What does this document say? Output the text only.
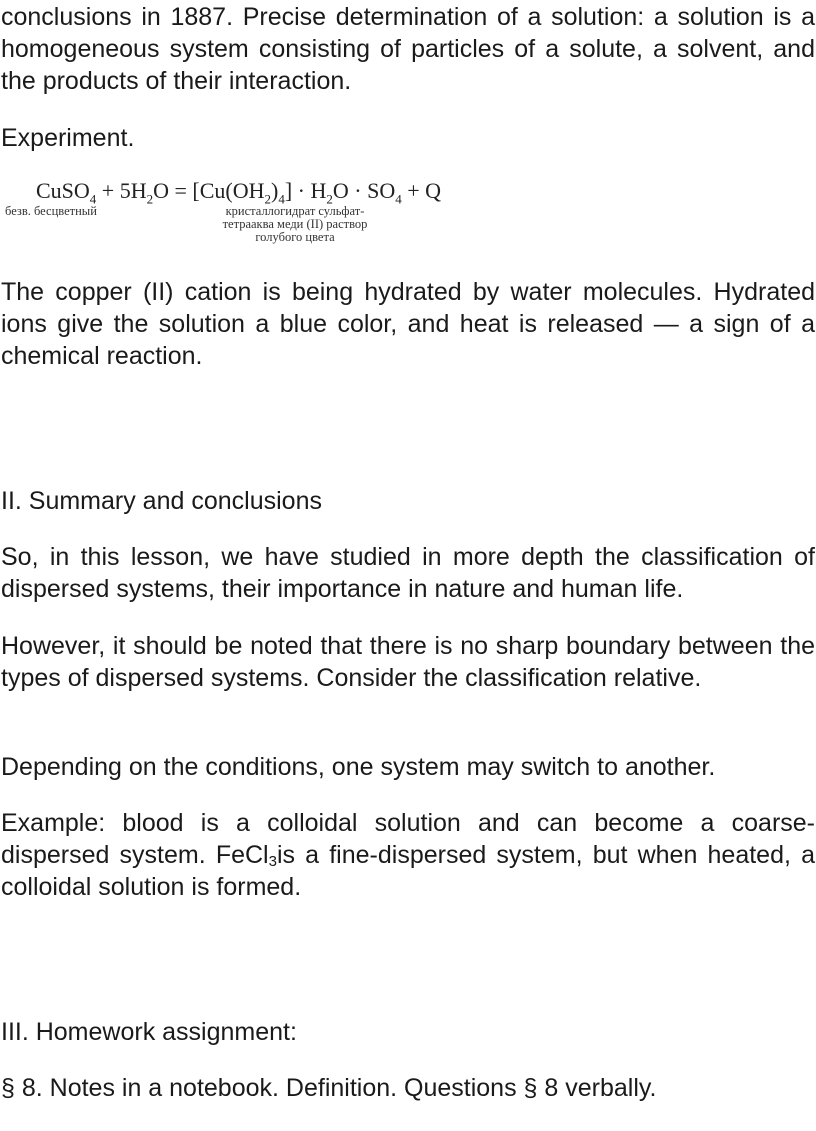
conclusions in 1887. Precise determination of a solution: a solution is a homogeneous system consisting of particles of a solute, a solvent, and the products of their interaction.

Experiment.

CuSO$_4$ + $5H_2O = [Cu(OH_2)_4] \cdot H_2O \cdot SO_4 + Q$
безв. бесцветный	кристаллогидрат сульфат-
тетрааква меди (II) раствор
голубого цвета

The copper (II) cation is being hydrated by water molecules. Hydrated ions give the solution a blue color, and heat is released — a sign of a chemical reaction.

II. Summary and conclusions

So, in this lesson, we have studied in more depth the classification of dispersed systems, their importance in nature and human life.

However, it should be noted that there is no sharp boundary between the types of dispersed systems. Consider the classification relative.

Depending on the conditions, one system may switch to another.

Example: blood is a colloidal solution and can become a coarse-dispersed system. FeCl$_3$is a fine-dispersed system, but when heated, a colloidal solution is formed.

III. Homework assignment:

§ 8. Notes in a notebook. Definition. Questions § 8 verbally.
